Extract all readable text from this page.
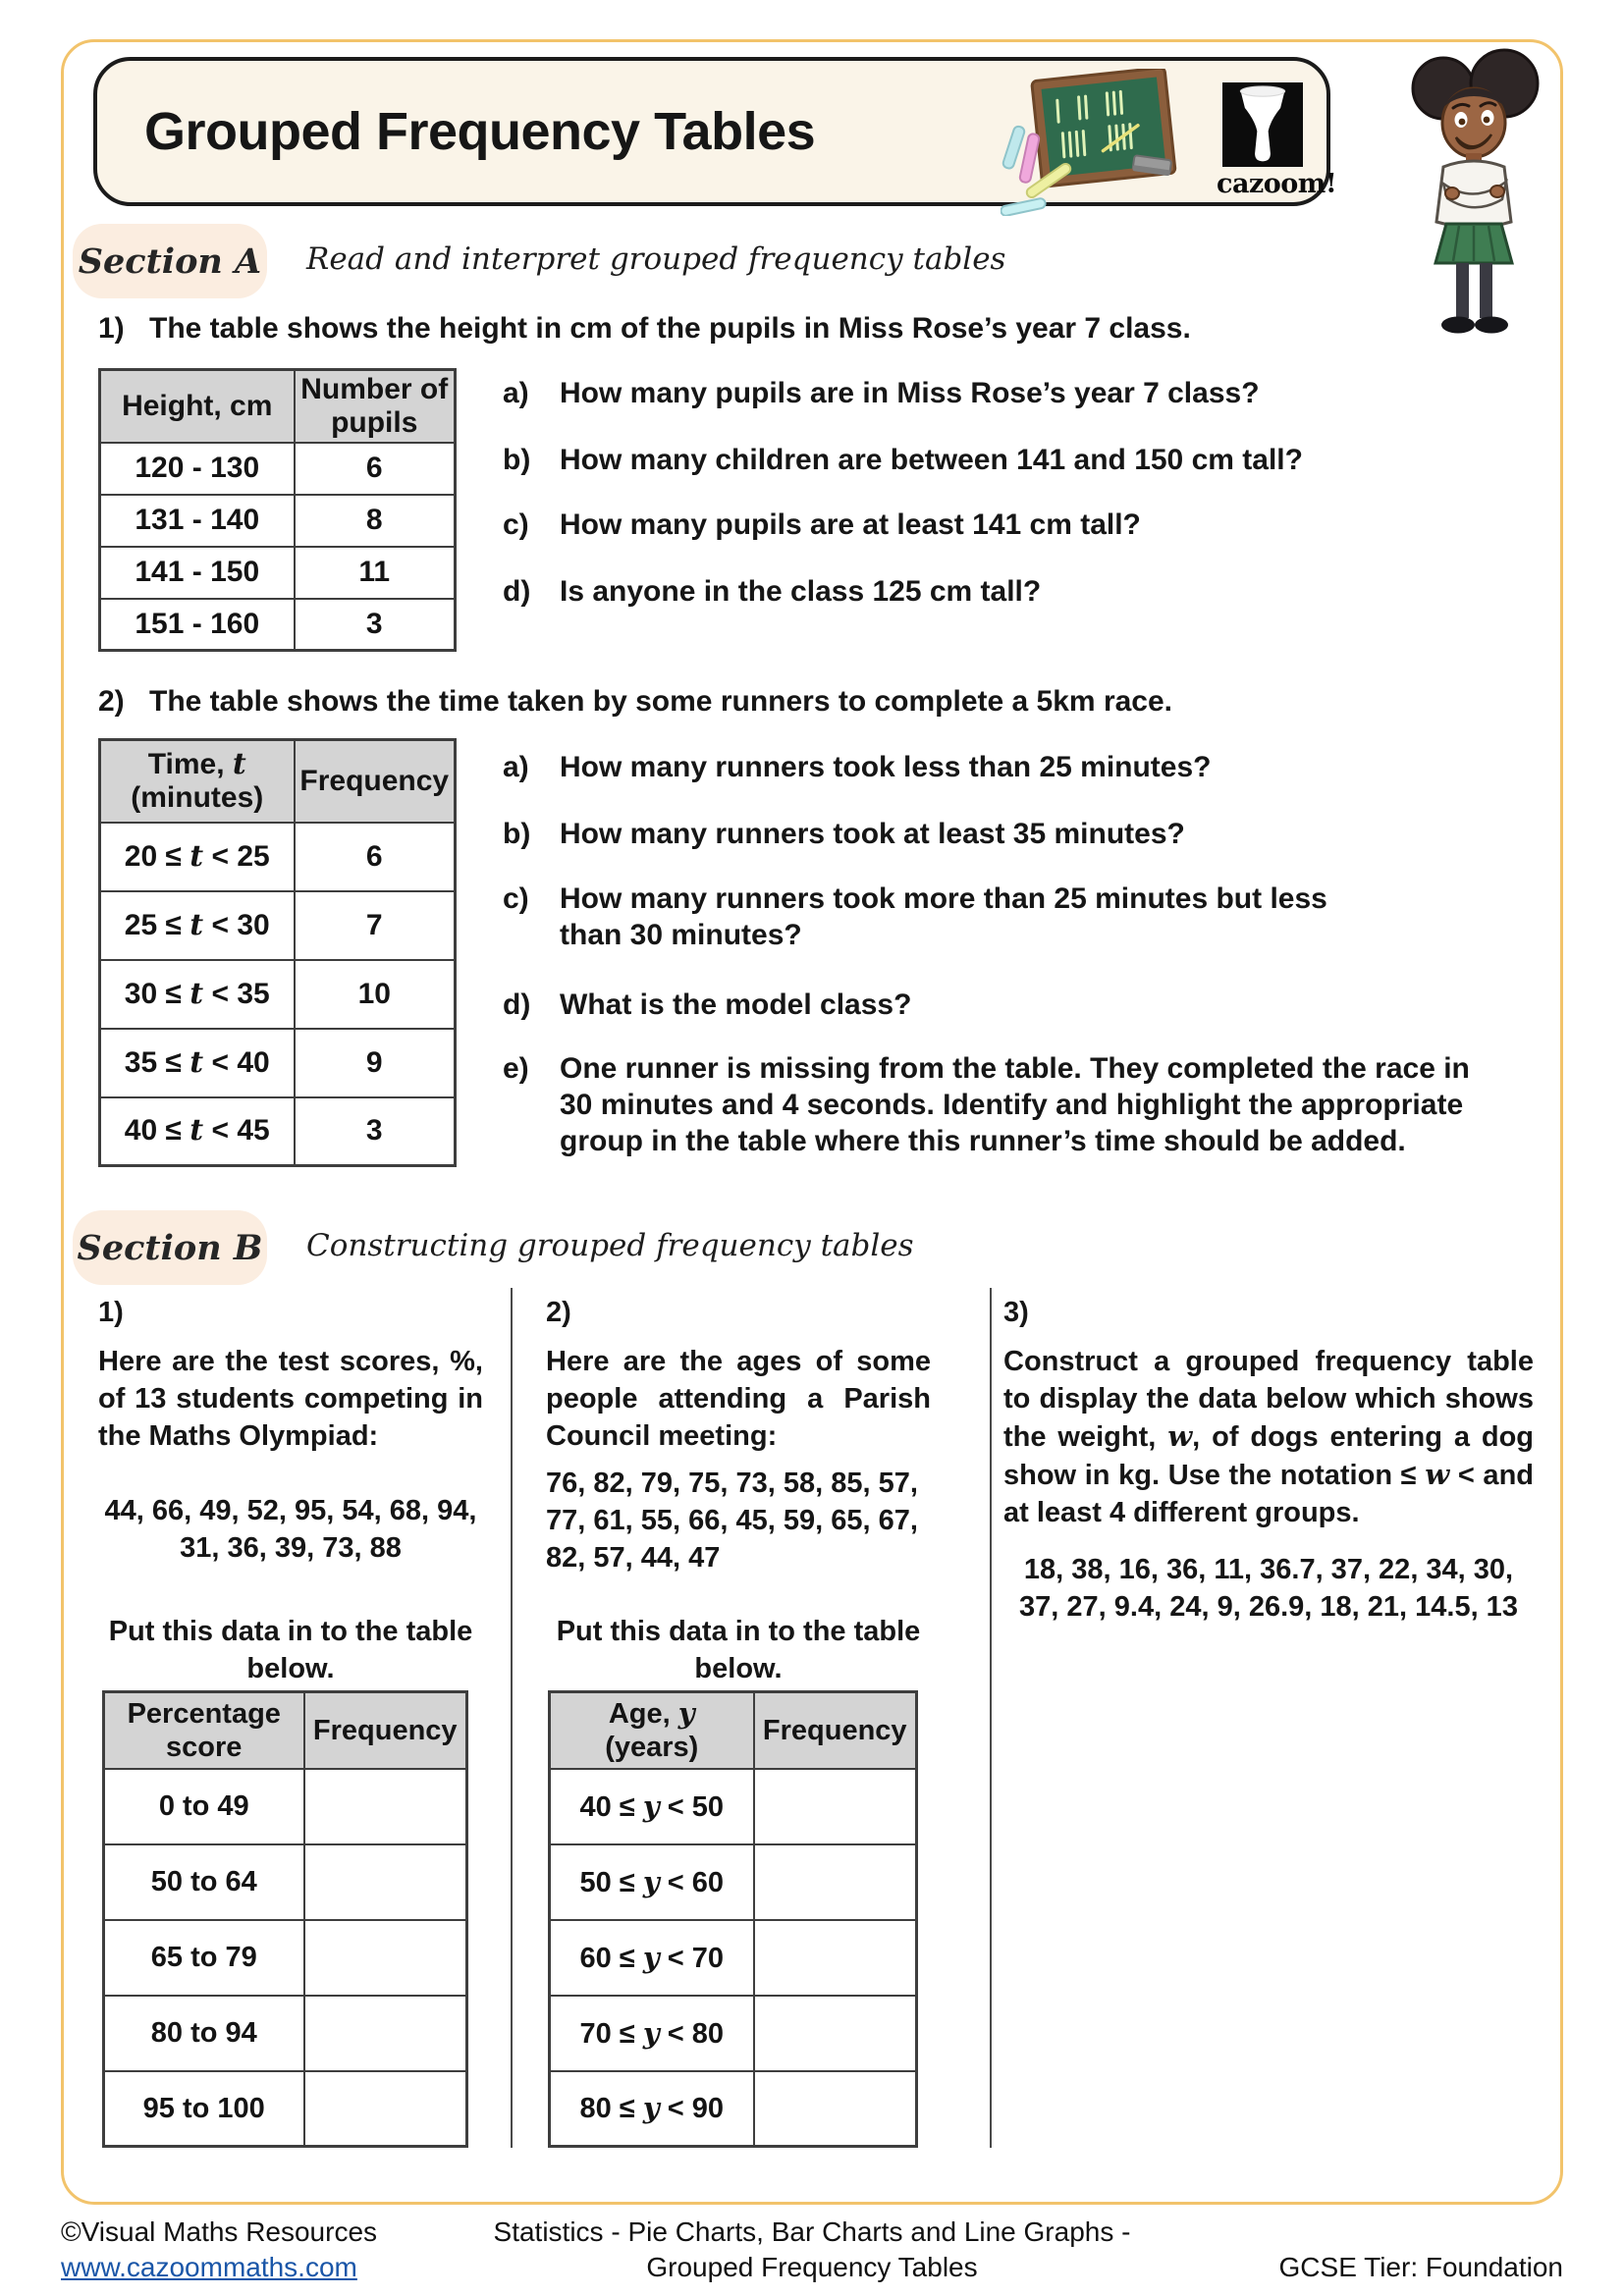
Grouped Frequency Tables
cazoom!
Section A Read and interpret grouped frequency tables
1) The table shows the height in cm of the pupils in Miss Rose’s year 7 class.
Height, cm	Number of pupils
120 - 130	6
131 - 140	8
141 - 150	11
151 - 160	3
a)	How many pupils are in Miss Rose’s year 7 class?
b) How many children are between 141 and 150 cm tall?
c)	How many pupils are at least 141 cm tall?
d) Is anyone in the class 125 cm tall?
2) The table shows the time taken by some runners to complete a 5km race.
Time, t
(minutes)	Frequency
20 ≤ t < 25	6
25 ≤ t < 30	7
30 ≤ t < 35	10
35 ≤ t < 40	9
40 ≤ t < 45	3
a)	How many runners took less than 25 minutes?
b) How many runners took at least 35 minutes?
c)	How many runners took more than 25 minutes but less than 30 minutes?
d) What is the model class?
e)	One runner is missing from the table. They completed the race in 30 minutes and 4 seconds. Identify and highlight the appropriate group in the table where this runner’s time should be added.
Section B Constructing grouped frequency tables
1)
Here are the test scores, %, of 13 students competing in the Maths Olympiad:
44, 66, 49, 52, 95, 54, 68, 94, 31, 36, 39, 73, 88
Put this data in to the table below.
Percentage score	Frequency
0 to 49	
50 to 64	
65 to 79	
80 to 94	
95 to 100	
2)
Here are the ages of some people attending a Parish Council meeting:
76, 82, 79, 75, 73, 58, 85, 57, 77, 61, 55, 66, 45, 59, 65, 67, 82, 57, 44, 47
Put this data in to the table below.
Age, y
(years)	Frequency
40 ≤ y < 50	
50 ≤ y < 60	
60 ≤ y < 70	
70 ≤ y < 80	
80 ≤ y < 90	
3)
Construct a grouped frequency table to display the data below which shows the weight, w, of dogs entering a dog show in kg. Use the notation ≤ w < and at least 4 different groups.
18, 38, 16, 36, 11, 36.7, 37, 22, 34, 30, 37, 27, 9.4, 24, 9, 26.9, 18, 21, 14.5, 13
©Visual Maths Resources
www.cazoommaths.com
Statistics - Pie Charts, Bar Charts and Line Graphs -
Grouped Frequency Tables	GCSE Tier: Foundation
